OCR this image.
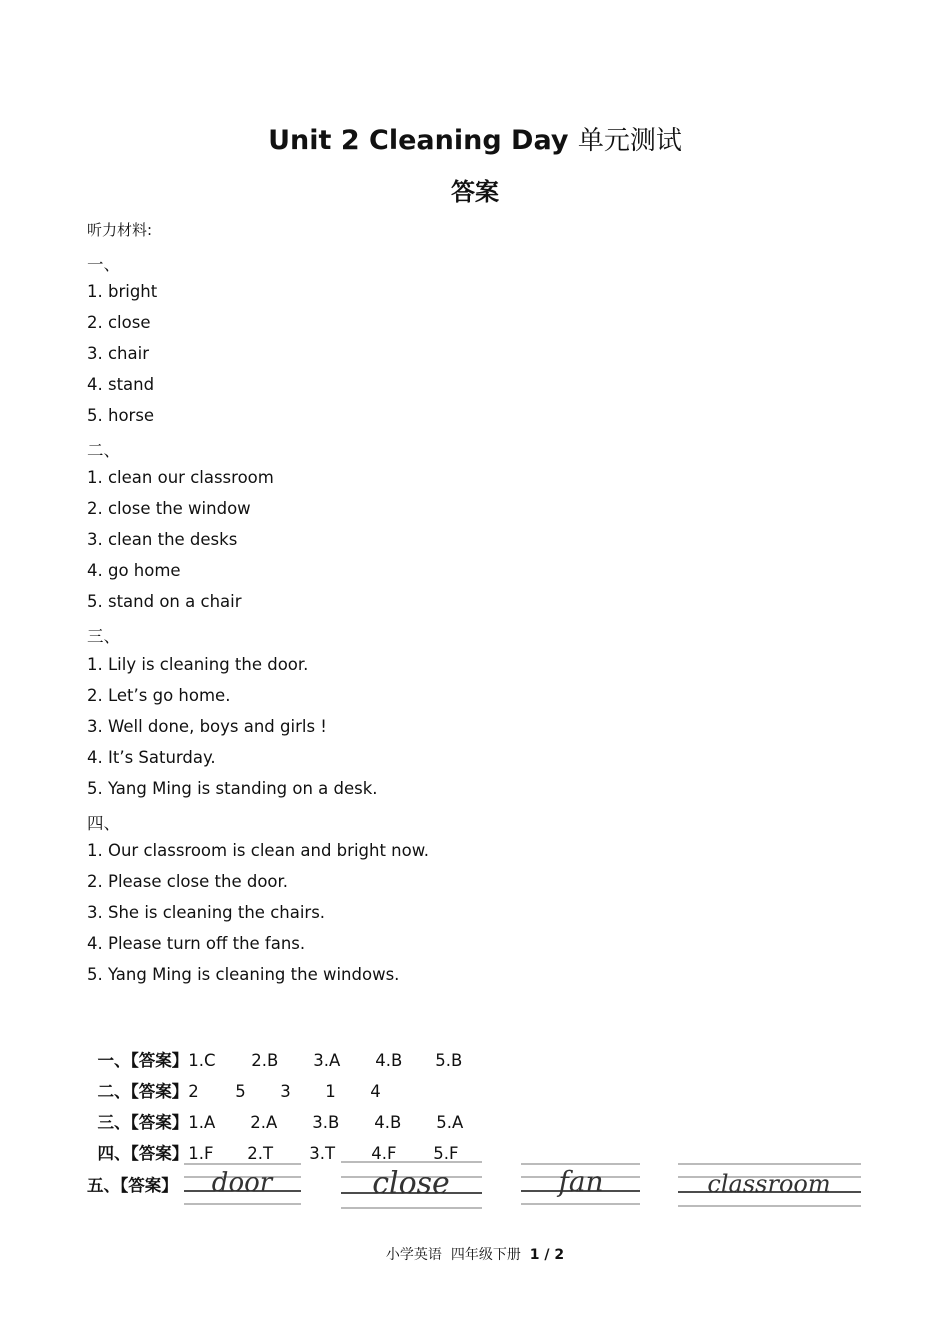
Unit 2 Cleaning Day 单元测试
答案
听力材料:
一、
1. bright
2. close
3. chair
4. stand
5. horse
二、
1. clean our classroom
2. close the window
3. clean the desks
4. go home
5. stand on a chair
三、
1. Lily is cleaning the door.
2. Let’s go home.
3. Well done, boys and girls !
4. It’s Saturday.
5. Yang Ming is standing on a desk.
四、
1. Our classroom is clean and bright now.
2. Please close the door.
3. She is cleaning the chairs.
4. Please turn off the fans.
5. Yang Ming is cleaning the windows.

一、【答案】1.C 2.B 3.A 4.B 5.B

二、【答案】2 5 3 1 4

三、【答案】1.A 2.A 3.B 4.B 5.A

四、【答案】1.F 2.T 3.T 4.F 5.F

五、【答案】 door	close	fan	classroom
小学英语 四年级下册 1 / 2
